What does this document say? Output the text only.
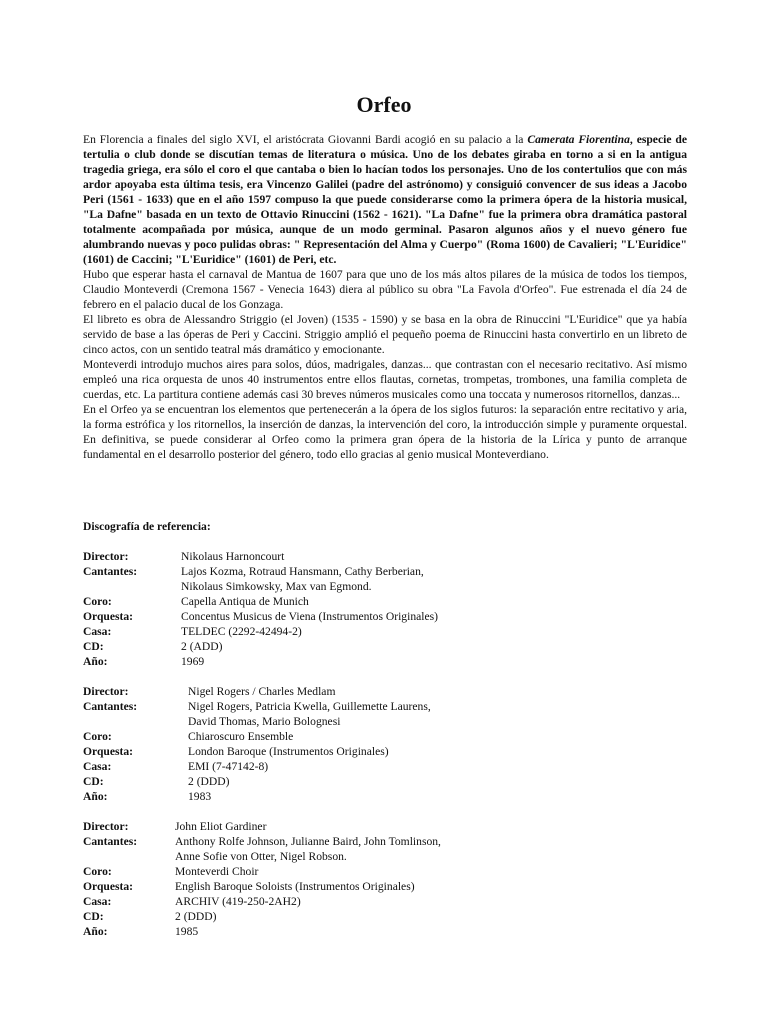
Orfeo

En Florencia a finales del siglo XVI, el aristócrata Giovanni Bardi acogió en su palacio a la Camerata Fiorentina, especie de tertulia o club donde se discutían temas de literatura o música. Uno de los debates giraba en torno a si en la antigua tragedia griega, era sólo el coro el que cantaba o bien lo hacían todos los personajes. Uno de los contertulios que con más ardor apoyaba esta última tesis, era Vincenzo Galilei (padre del astrónomo) y consiguió convencer de sus ideas a Jacobo Peri (1561 - 1633) que en el año 1597 compuso la que puede considerarse como la primera ópera de la historia musical, "La Dafne" basada en un texto de Ottavio Rinuccini (1562 - 1621). "La Dafne" fue la primera obra dramática pastoral totalmente acompañada por música, aunque de un modo germinal. Pasaron algunos años y el nuevo género fue alumbrando nuevas y poco pulidas obras: " Representación del Alma y Cuerpo" (Roma 1600) de Cavalieri; "L'Euridice" (1601) de Caccini; "L'Euridice" (1601) de Peri, etc.

Hubo que esperar hasta el carnaval de Mantua de 1607 para que uno de los más altos pilares de la música de todos los tiempos, Claudio Monteverdi (Cremona 1567 - Venecia 1643) diera al público su obra "La Favola d'Orfeo". Fue estrenada el día 24 de febrero en el palacio ducal de los Gonzaga.

El libreto es obra de Alessandro Striggio (el Joven) (1535 - 1590) y se basa en la obra de Rinuccini "L'Euridice" que ya había servido de base a las óperas de Peri y Caccini. Striggio amplió el pequeño poema de Rinuccini hasta convertirlo en un libreto de cinco actos, con un sentido teatral más dramático y emocionante.

Monteverdi introdujo muchos aires para solos, dúos, madrigales, danzas... que contrastan con el necesario recitativo. Así mismo empleó una rica orquesta de unos 40 instrumentos entre ellos flautas, cornetas, trompetas, trombones, una familia completa de cuerdas, etc. La partitura contiene además casi 30 breves números musicales como una toccata y numerosos ritornellos, danzas...

En el Orfeo ya se encuentran los elementos que pertenecerán a la ópera de los siglos futuros: la separación entre recitativo y aria, la forma estrófica y los ritornellos, la inserción de danzas, la intervención del coro, la introducción simple y puramente orquestal. En definitiva, se puede considerar al Orfeo como la primera gran ópera de la historia de la Lírica y punto de arranque fundamental en el desarrollo posterior del género, todo ello gracias al genio musical Monteverdiano.

Discografía de referencia:

Director:	Nikolaus Harnoncourt
Cantantes:	Lajos Kozma, Rotraud Hansmann, Cathy Berberian,
Nikolaus Simkowsky, Max van Egmond.
Coro:	Capella Antiqua de Munich
Orquesta:	Concentus Musicus de Viena (Instrumentos Originales)
Casa:	TELDEC (2292-42494-2)
CD:	2 (ADD)
Año:	1969
Director:	Nigel Rogers / Charles Medlam
Cantantes:	Nigel Rogers, Patricia Kwella, Guillemette Laurens,
David Thomas, Mario Bolognesi
Coro:	Chiaroscuro Ensemble
Orquesta:	London Baroque (Instrumentos Originales)
Casa:	EMI (7-47142-8)
CD:	2 (DDD)
Año:	1983
Director:	John Eliot Gardiner
Cantantes:	Anthony Rolfe Johnson, Julianne Baird, John Tomlinson,
Anne Sofie von Otter, Nigel Robson.
Coro:	Monteverdi Choir
Orquesta:	English Baroque Soloists (Instrumentos Originales)
Casa:	ARCHIV (419-250-2AH2)
CD:	2 (DDD)
Año:	1985
